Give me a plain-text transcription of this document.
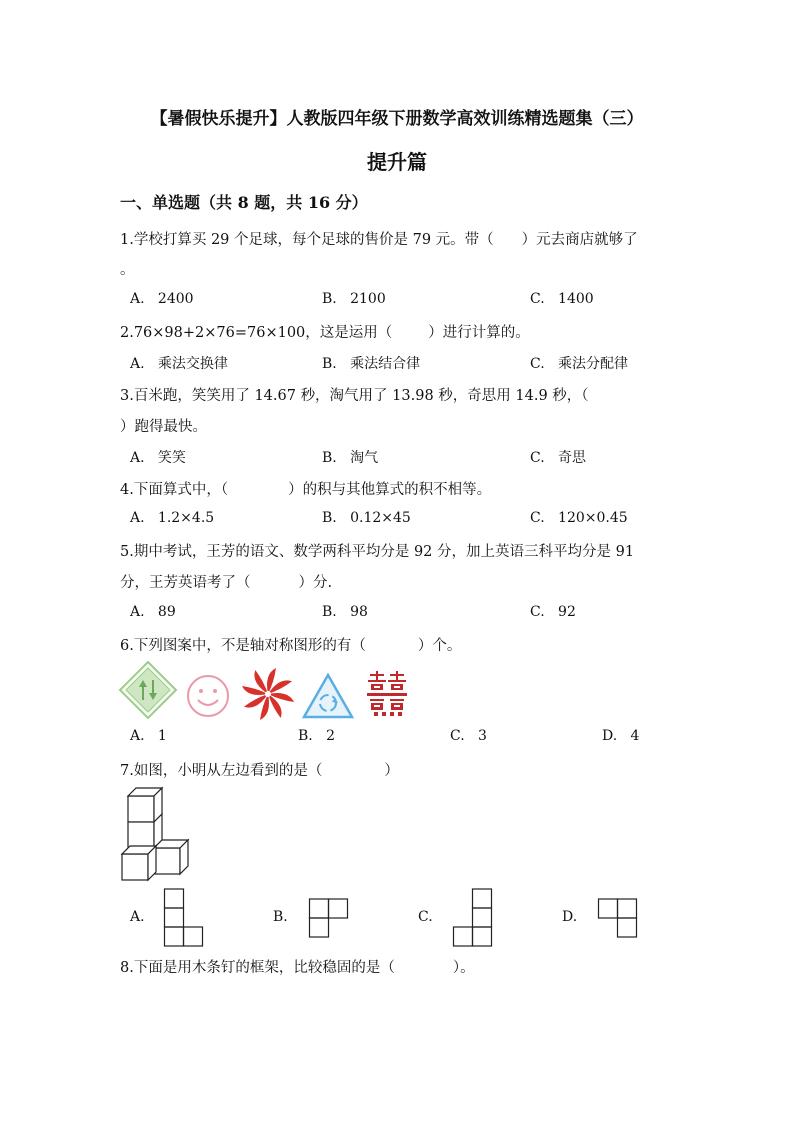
【暑假快乐提升】人教版四年级下册数学高效训练精选题集（三）
提升篇
一、单选题（共 8 题，共 16 分）
1.学校打算买 29 个足球，每个足球的售价是 79 元。带（ ）元去商店就够了
。
A. 2400	B. 2100	C. 1400
2.76×98+2×76=76×100，这是运用（ ）进行计算的。
A. 乘法交换律	B. 乘法结合律	C. 乘法分配律
3.百米跑，笑笑用了 14.67 秒，淘气用了 13.98 秒，奇思用 14.9 秒，（
）跑得最快。
A. 笑笑	B. 淘气	C. 奇思
4.下面算式中，（	）的积与其他算式的积不相等。
A. 1.2×4.5	B. 0.12×45	C. 120×0.45
5.期中考试，王芳的语文、数学两科平均分是 92 分，加上英语三科平均分是 91
分，王芳英语考了（	）分.
A. 89	B. 98	C. 92
6.下列图案中，不是轴对称图形的有（	）个。
A. 1	B. 2	C. 3	D. 4
7.如图，小明从左边看到的是（	）
A.	B.	C.	D.
8.下面是用木条钉的框架，比较稳固的是（	）。
